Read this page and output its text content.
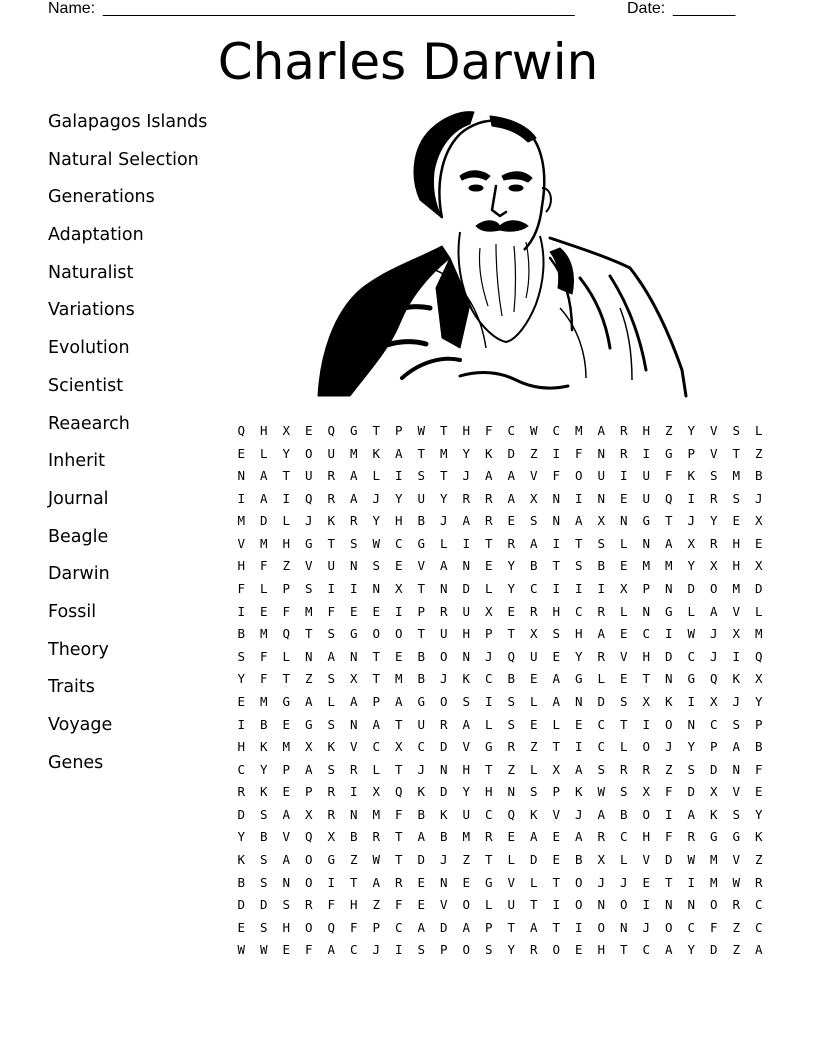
Name: _____________________________________________________	Date: _______
Charles Darwin
Galapagos Islands
Natural Selection
Generations
Adaptation
Naturalist
Variations
Evolution
Scientist
Reaearch
Inherit
Journal
Beagle
Darwin
Fossil
Theory
Traits
Voyage
Genes
Q	H	X	E	Q	G	T	P	W	T	H	F	C	W	C	M	A	R	H	Z	Y	V	S	L
E	L	Y	O	U	M	K	A	T	M	Y	K	D	Z	I	F	N	R	I	G	P	V	T	Z
N	A	T	U	R	A	L	I	S	T	J	A	A	V	F	O	U	I	U	F	K	S	M	B
I	A	I	Q	R	A	J	Y	U	Y	R	R	A	X	N	I	N	E	U	Q	I	R	S	J
M	D	L	J	K	R	Y	H	B	J	A	R	E	S	N	A	X	N	G	T	J	Y	E	X
V	M	H	G	T	S	W	C	G	L	I	T	R	A	I	T	S	L	N	A	X	R	H	E
H	F	Z	V	U	N	S	E	V	A	N	E	Y	B	T	S	B	E	M	M	Y	X	H	X
F	L	P	S	I	I	N	X	T	N	D	L	Y	C	I	I	I	X	P	N	D	O	M	D
I	E	F	M	F	E	E	I	P	R	U	X	E	R	H	C	R	L	N	G	L	A	V	L
B	M	Q	T	S	G	O	O	T	U	H	P	T	X	S	H	A	E	C	I	W	J	X	M
S	F	L	N	A	N	T	E	B	O	N	J	Q	U	E	Y	R	V	H	D	C	J	I	Q
Y	F	T	Z	S	X	T	M	B	J	K	C	B	E	A	G	L	E	T	N	G	Q	K	X
E	M	G	A	L	A	P	A	G	O	S	I	S	L	A	N	D	S	X	K	I	X	J	Y
I	B	E	G	S	N	A	T	U	R	A	L	S	E	L	E	C	T	I	O	N	C	S	P
H	K	M	X	K	V	C	X	C	D	V	G	R	Z	T	I	C	L	O	J	Y	P	A	B
C	Y	P	A	S	R	L	T	J	N	H	T	Z	L	X	A	S	R	R	Z	S	D	N	F
R	K	E	P	R	I	X	Q	K	D	Y	H	N	S	P	K	W	S	X	F	D	X	V	E
D	S	A	X	R	N	M	F	B	K	U	C	Q	K	V	J	A	B	O	I	A	K	S	Y
Y	B	V	Q	X	B	R	T	A	B	M	R	E	A	E	A	R	C	H	F	R	G	G	K
K	S	A	O	G	Z	W	T	D	J	Z	T	L	D	E	B	X	L	V	D	W	M	V	Z
B	S	N	O	I	T	A	R	E	N	E	G	V	L	T	O	J	J	E	T	I	M	W	R
D	D	S	R	F	H	Z	F	E	V	O	L	U	T	I	O	N	O	I	N	N	O	R	C
E	S	H	O	Q	F	P	C	A	D	A	P	T	A	T	I	O	N	J	O	C	F	Z	C
W	W	E	F	A	C	J	I	S	P	O	S	Y	R	O	E	H	T	C	A	Y	D	Z	A
